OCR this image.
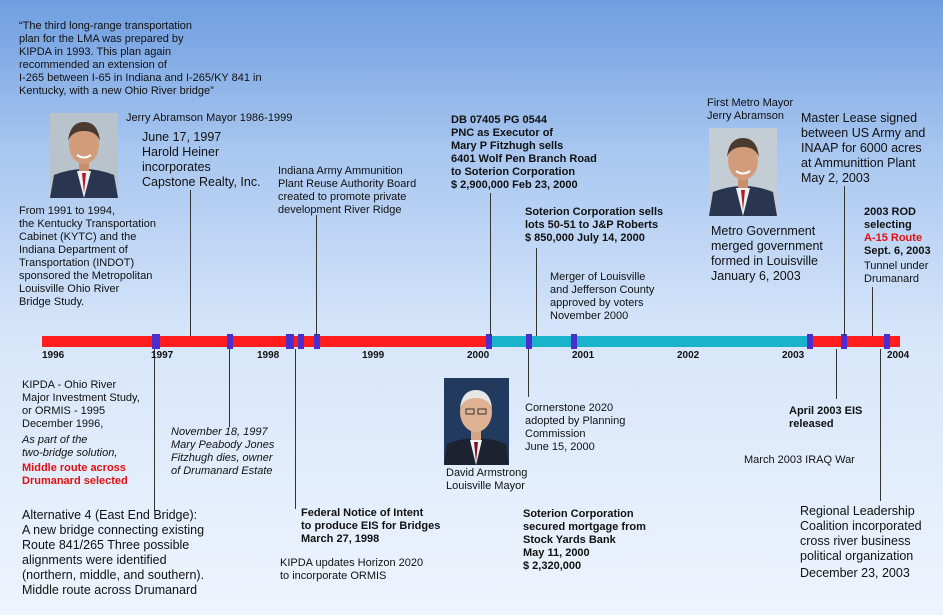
1996	1997	1998	1999	2000	2001	2002	2003	2004
“The third long-range transportation
plan for the LMA was prepared by
KIPDA in 1993. This plan again
recommended an extension of
I-265 between I-65 in Indiana and I-265/KY 841 in
Kentucky, with a new Ohio River bridge”
Jerry Abramson Mayor 1986-1999
From 1991 to 1994,
the Kentucky Transportation
Cabinet (KYTC) and the
Indiana Department of
Transportation (INDOT)
sponsored the Metropolitan
Louisville Ohio River
Bridge Study.
June 17, 1997
Harold Heiner
incorporates
Capstone Realty, Inc.
Indiana Army Ammunition
Plant Reuse Authority Board
created to promote private
development River Ridge
DB 07405 PG 0544
PNC as Executor of
Mary P Fitzhugh sells
6401 Wolf Pen Branch Road
to Soterion Corporation
$ 2,900,000 Feb 23, 2000
Soterion Corporation sells
lots 50-51 to J&P Roberts
$ 850,000 July 14, 2000
Merger of Louisville
and Jefferson County
approved by voters
November 2000
First Metro Mayor
Jerry Abramson
Metro Government
merged government
formed in Louisville
January 6, 2003
Master Lease signed
between US Army and
INAAP for 6000 acres
at Ammunittion Plant
May 2, 2003
2003 ROD
selecting
A-15 Route
Sept. 6, 2003
Tunnel under
Drumanard
KIPDA - Ohio River
Major Investment Study,
or ORMIS - 1995
December 1996,
As part of the
two-bridge solution,
Middle route across
Drumanard selected
Alternative 4 (East End Bridge):
A new bridge connecting existing
Route 841/265 Three possible
alignments were identified
(northern, middle, and southern).
Middle route across Drumanard
November 18, 1997
Mary Peabody Jones
Fitzhugh dies, owner
of Drumanard Estate
Federal Notice of Intent
to produce EIS for Bridges
March 27, 1998
KIPDA updates Horizon 2020
to incorporate ORMIS
David Armstrong
Louisville Mayor
Cornerstone 2020
adopted by Planning
Commission
June 15, 2000
Soterion Corporation
secured mortgage from
Stock Yards Bank
May 11, 2000
$ 2,320,000
April 2003 EIS
released
March 2003 IRAQ War
Regional Leadership
Coalition incorporated
cross river business
political organization
December 23, 2003
